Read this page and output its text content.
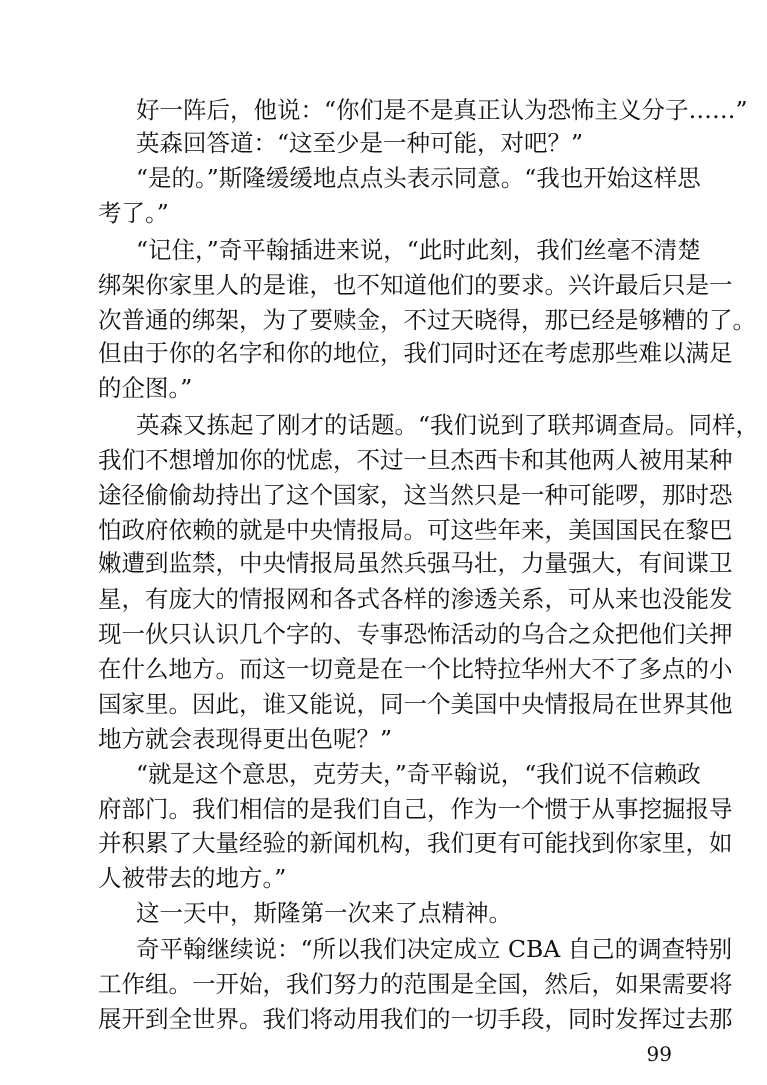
好一阵后，他说：“你们是不是真正认为恐怖主义分子……”
英森回答道：“这至少是一种可能，对吧？”
“是的。”斯隆缓缓地点点头表示同意。“我也开始这样思
考了。”
“记住，”奇平翰插进来说，“此时此刻，我们丝毫不清楚
绑架你家里人的是谁，也不知道他们的要求。兴许最后只是一
次普通的绑架，为了要赎金，不过天晓得，那已经是够糟的了。
但由于你的名字和你的地位，我们同时还在考虑那些难以满足
的企图。”
英森又拣起了刚才的话题。“我们说到了联邦调查局。同样，
我们不想增加你的忧虑，不过一旦杰西卡和其他两人被用某种
途径偷偷劫持出了这个国家，这当然只是一种可能啰，那时恐
怕政府依赖的就是中央情报局。可这些年来，美国国民在黎巴
嫩遭到监禁，中央情报局虽然兵强马壮，力量强大，有间谍卫
星，有庞大的情报网和各式各样的渗透关系，可从来也没能发
现一伙只认识几个字的、专事恐怖活动的乌合之众把他们关押
在什么地方。而这一切竟是在一个比特拉华州大不了多点的小
国家里。因此，谁又能说，同一个美国中央情报局在世界其他
地方就会表现得更出色呢？”
“就是这个意思，克劳夫，”奇平翰说，“我们说不信赖政
府部门。我们相信的是我们自己，作为一个惯于从事挖掘报导
并积累了大量经验的新闻机构，我们更有可能找到你家里，如
人被带去的地方。”
这一天中，斯隆第一次来了点精神。
奇平翰继续说：“所以我们决定成立 CBA 自己的调查特别
工作组。一开始，我们努力的范围是全国，然后，如果需要将
展开到全世界。我们将动用我们的一切手段，同时发挥过去那
99
